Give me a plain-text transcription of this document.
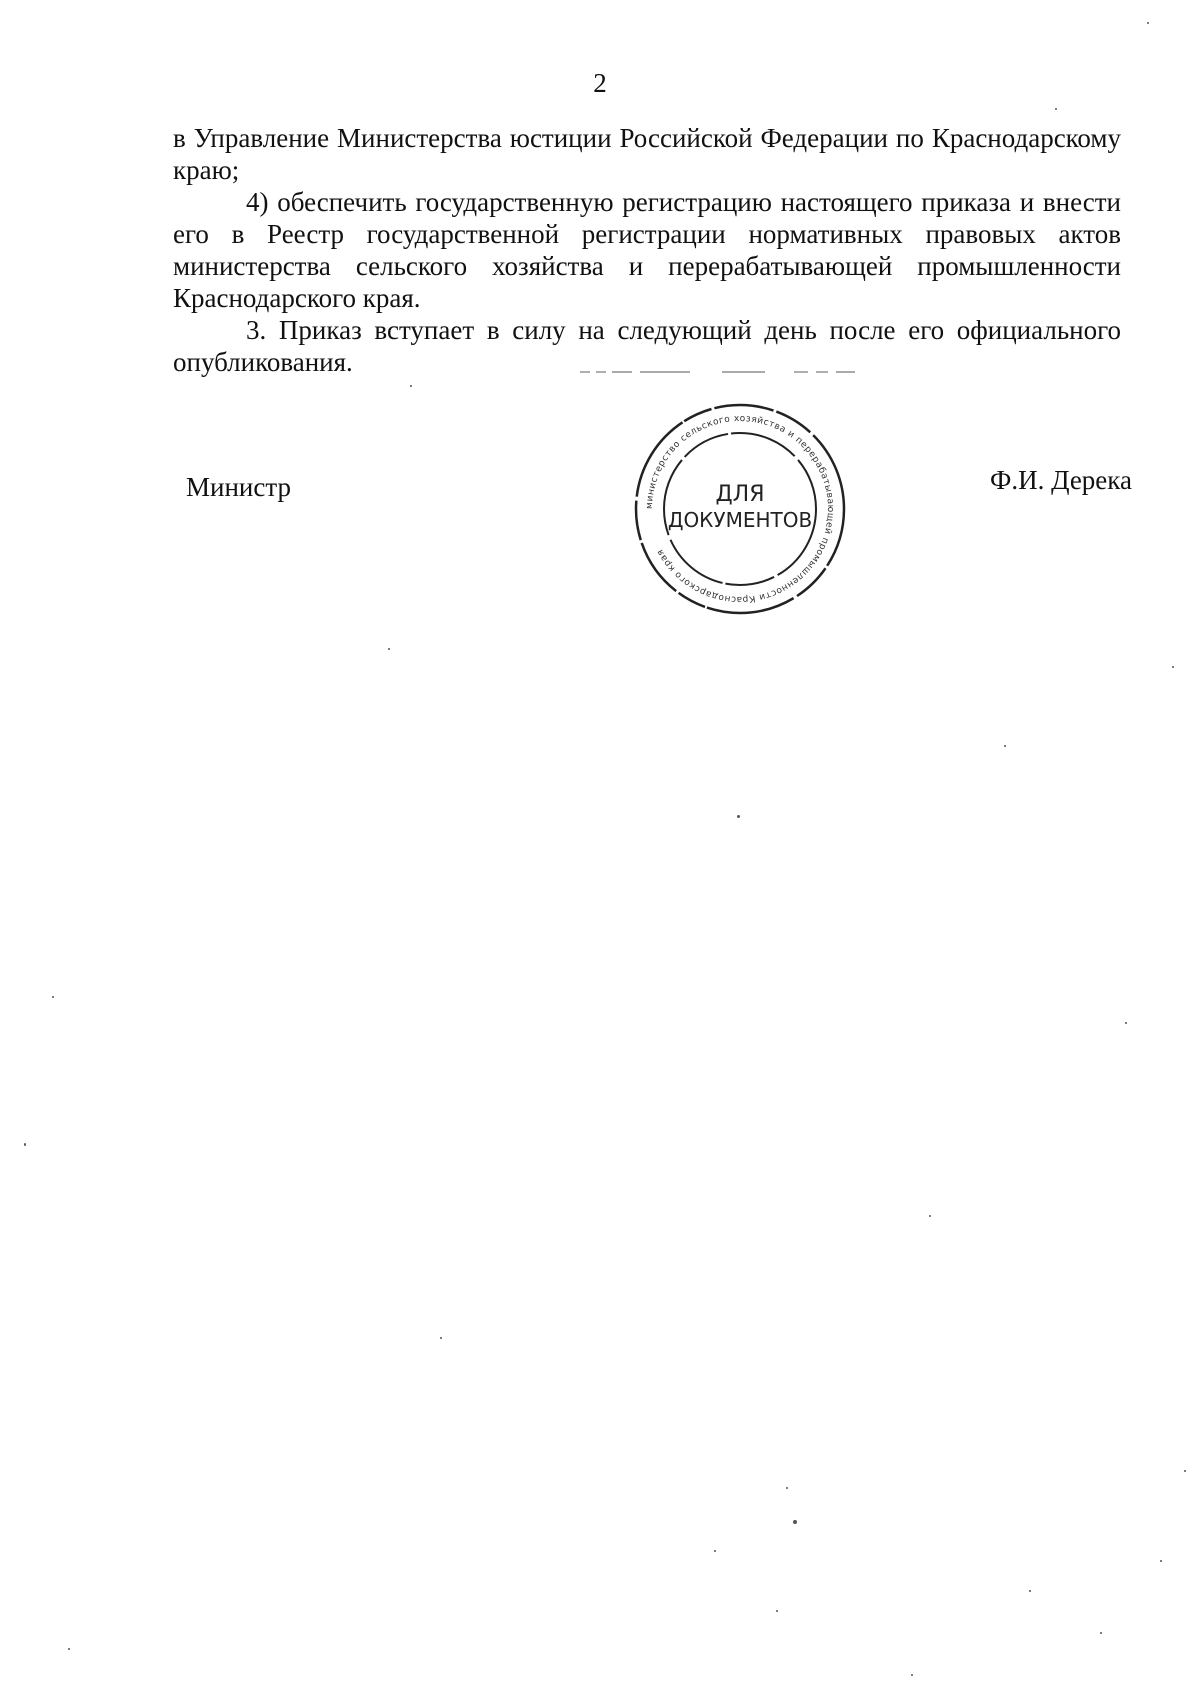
2

в Управление Министерства юстиции Российской Федерации по Краснодарскому краю;

4) обеспечить государственную регистрацию настоящего приказа и внести его в Реестр государственной регистрации нормативных правовых актов министерства сельского хозяйства и перерабатывающей промышленности Краснодарского края.

3. Приказ вступает в силу на следующий день после его официального опубликования.

Министр	Ф.И. Дерека
министерство сельского хозяйства и перерабатывающей промышленности Краснодарского края
ДЛЯ
ДОКУМЕНТОВ
